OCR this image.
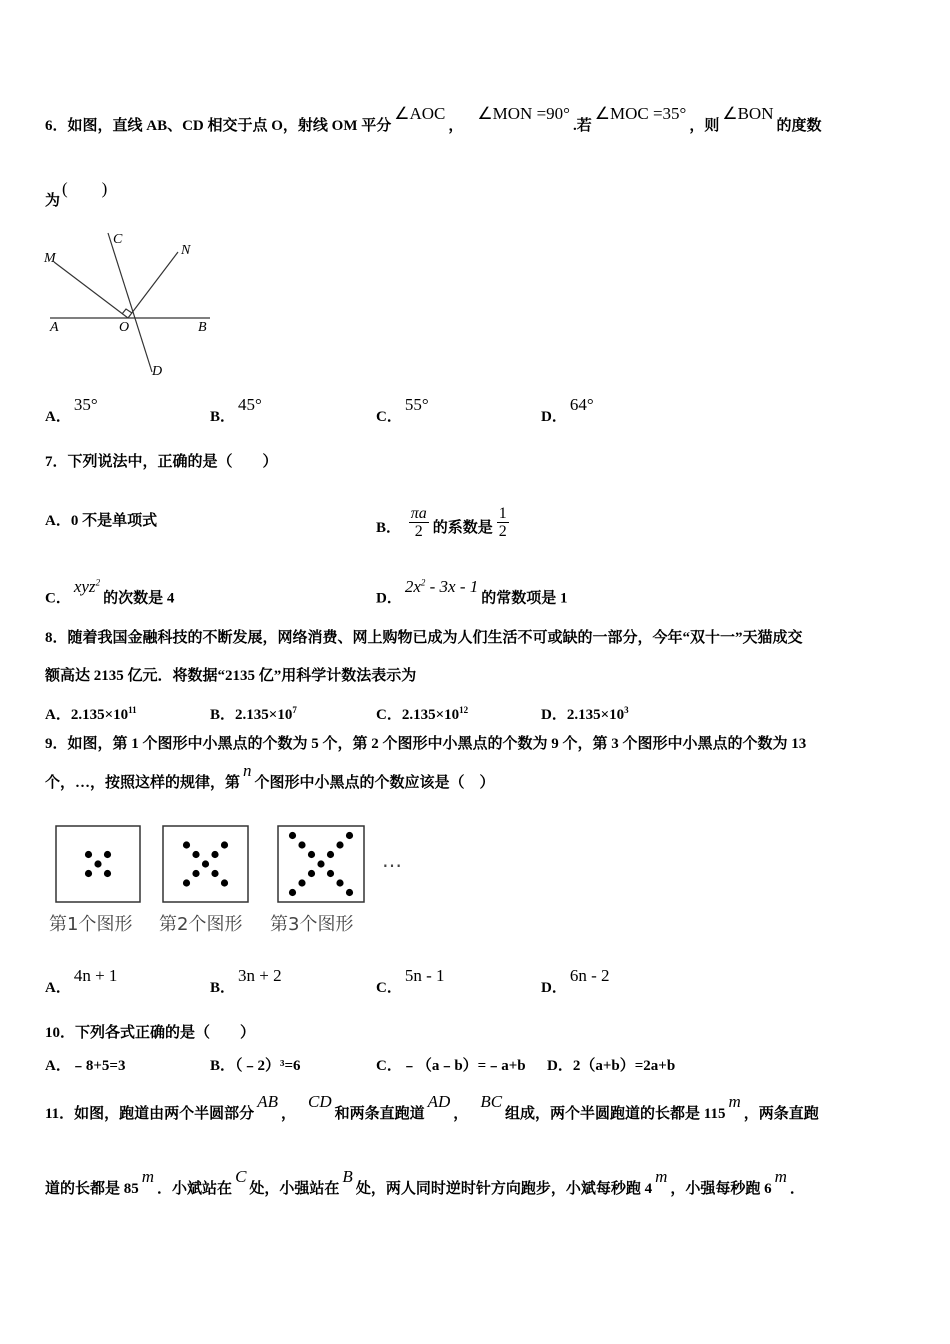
6．如图，直线 AB、CD 相交于点 O，射线 OM 平分∠AOC，∠MON =90°.若∠MOC =35°，则∠BON的度数
为(　　)
M
C
N
A	O	B
D
A．35°
B．45°
C．55°
D．64°
7．下列说法中，正确的是（　　）
A．0 不是单项式	B． $\frac{\pi a}{2}$ 的系数是 $\frac{1}{2}$
C．xyz$^2$的次数是 4	D．$2x^2 - 3x - 1$的常数项是 1
8．随着我国金融科技的不断发展，网络消费、网上购物已成为人们生活不可或缺的一部分，今年“双十一”天猫成交
额高达 2135 亿元．将数据“2135 亿”用科学计数法表示为
A．$2.135\times 10^{11}$	B．$2.135\times 10^7$	C．$2.135\times 10^{12}$	D．$2.135\times 10^3$
9．如图，第 1 个图形中小黑点的个数为 5 个，第 2 个图形中小黑点的个数为 9 个，第 3 个图形中小黑点的个数为 13
个，…，按照这样的规律，第n个图形中小黑点的个数应该是（　）
第1个图形 第2个图形 第3个图形
…
A．4n + 1
B．3n + 2
C．5n - 1
D．6n - 2
10．下列各式正确的是（　　）
A．﹣8+5=3	B．（﹣2）³=6	C．﹣（a﹣b）=﹣a+b D．2（a+b）=2a+b
11．如图，跑道由两个半圆部分AB，CD和两条直跑道AD，BC组成，两个半圆跑道的长都是 115m，两条直跑
道的长都是 85m．小斌站在C处，小强站在B处，两人同时逆时针方向跑步，小斌每秒跑 4m，小强每秒跑 6m．
